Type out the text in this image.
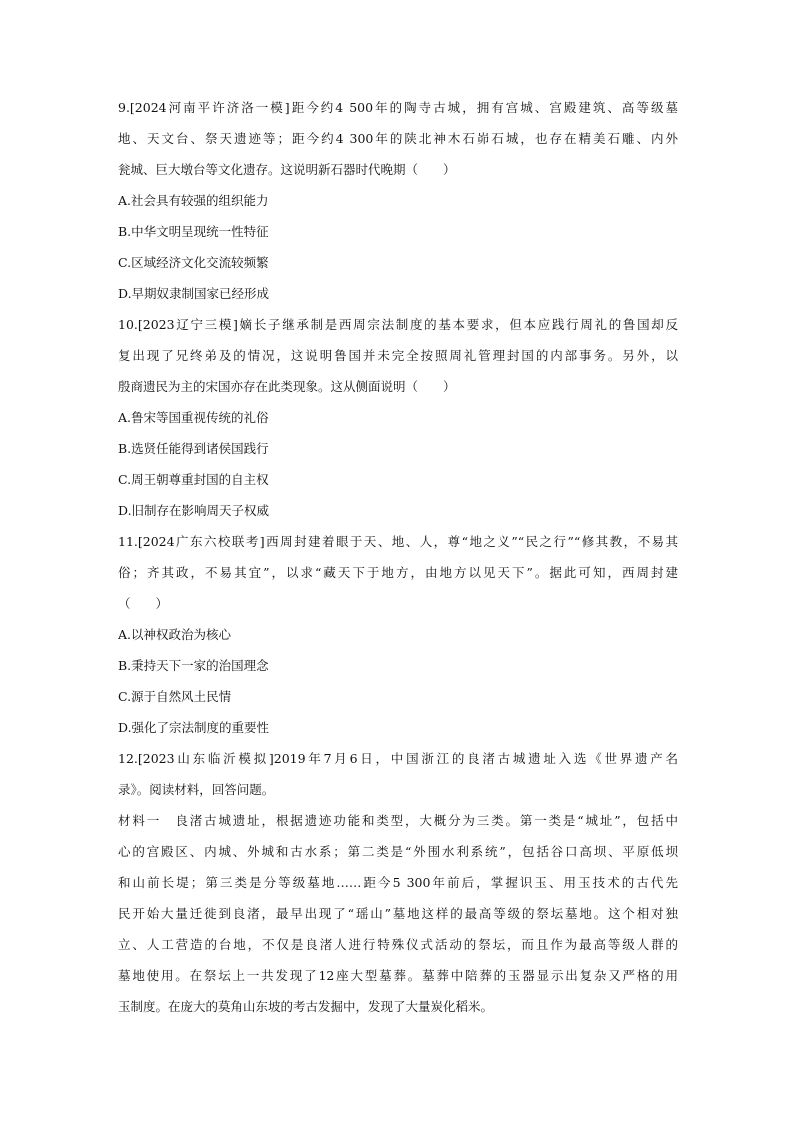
9.[2024河南平许济洛一模]距今约4 500年的陶寺古城，拥有宫城、宫殿建筑、高等级墓
地、天文台、祭天遗迹等；距今约4 300年的陕北神木石峁石城，也存在精美石雕、内外
瓮城、巨大墩台等文化遗存。这说明新石器时代晚期（　　）
A.社会具有较强的组织能力
B.中华文明呈现统一性特征
C.区域经济文化交流较频繁
D.早期奴隶制国家已经形成
10.[2023辽宁三模]嫡长子继承制是西周宗法制度的基本要求，但本应践行周礼的鲁国却反
复出现了兄终弟及的情况，这说明鲁国并未完全按照周礼管理封国的内部事务。另外，以
殷商遗民为主的宋国亦存在此类现象。这从侧面说明（　　）
A.鲁宋等国重视传统的礼俗
B.选贤任能得到诸侯国践行
C.周王朝尊重封国的自主权
D.旧制存在影响周天子权威
11.[2024广东六校联考]西周封建着眼于天、地、人，尊“地之义”“民之行”“修其教，不易其
俗；齐其政，不易其宜”，以求“藏天下于地方，由地方以见天下”。据此可知，西周封建
（　　）
A.以神权政治为核心
B.秉持天下一家的治国理念
C.源于自然风土民情
D.强化了宗法制度的重要性
12.[2023山东临沂模拟]2019年7月6日，中国浙江的良渚古城遗址入选《世界遗产名
录》。阅读材料，回答问题。
材料一　良渚古城遗址，根据遗迹功能和类型，大概分为三类。第一类是“城址”，包括中
心的宫殿区、内城、外城和古水系；第二类是“外围水利系统”，包括谷口高坝、平原低坝
和山前长堤；第三类是分等级墓地……距今5 300年前后，掌握识玉、用玉技术的古代先
民开始大量迁徙到良渚，最早出现了“瑶山”墓地这样的最高等级的祭坛墓地。这个相对独
立、人工营造的台地，不仅是良渚人进行特殊仪式活动的祭坛，而且作为最高等级人群的
墓地使用。在祭坛上一共发现了12座大型墓葬。墓葬中陪葬的玉器显示出复杂又严格的用
玉制度。在庞大的莫角山东坡的考古发掘中，发现了大量炭化稻米。
